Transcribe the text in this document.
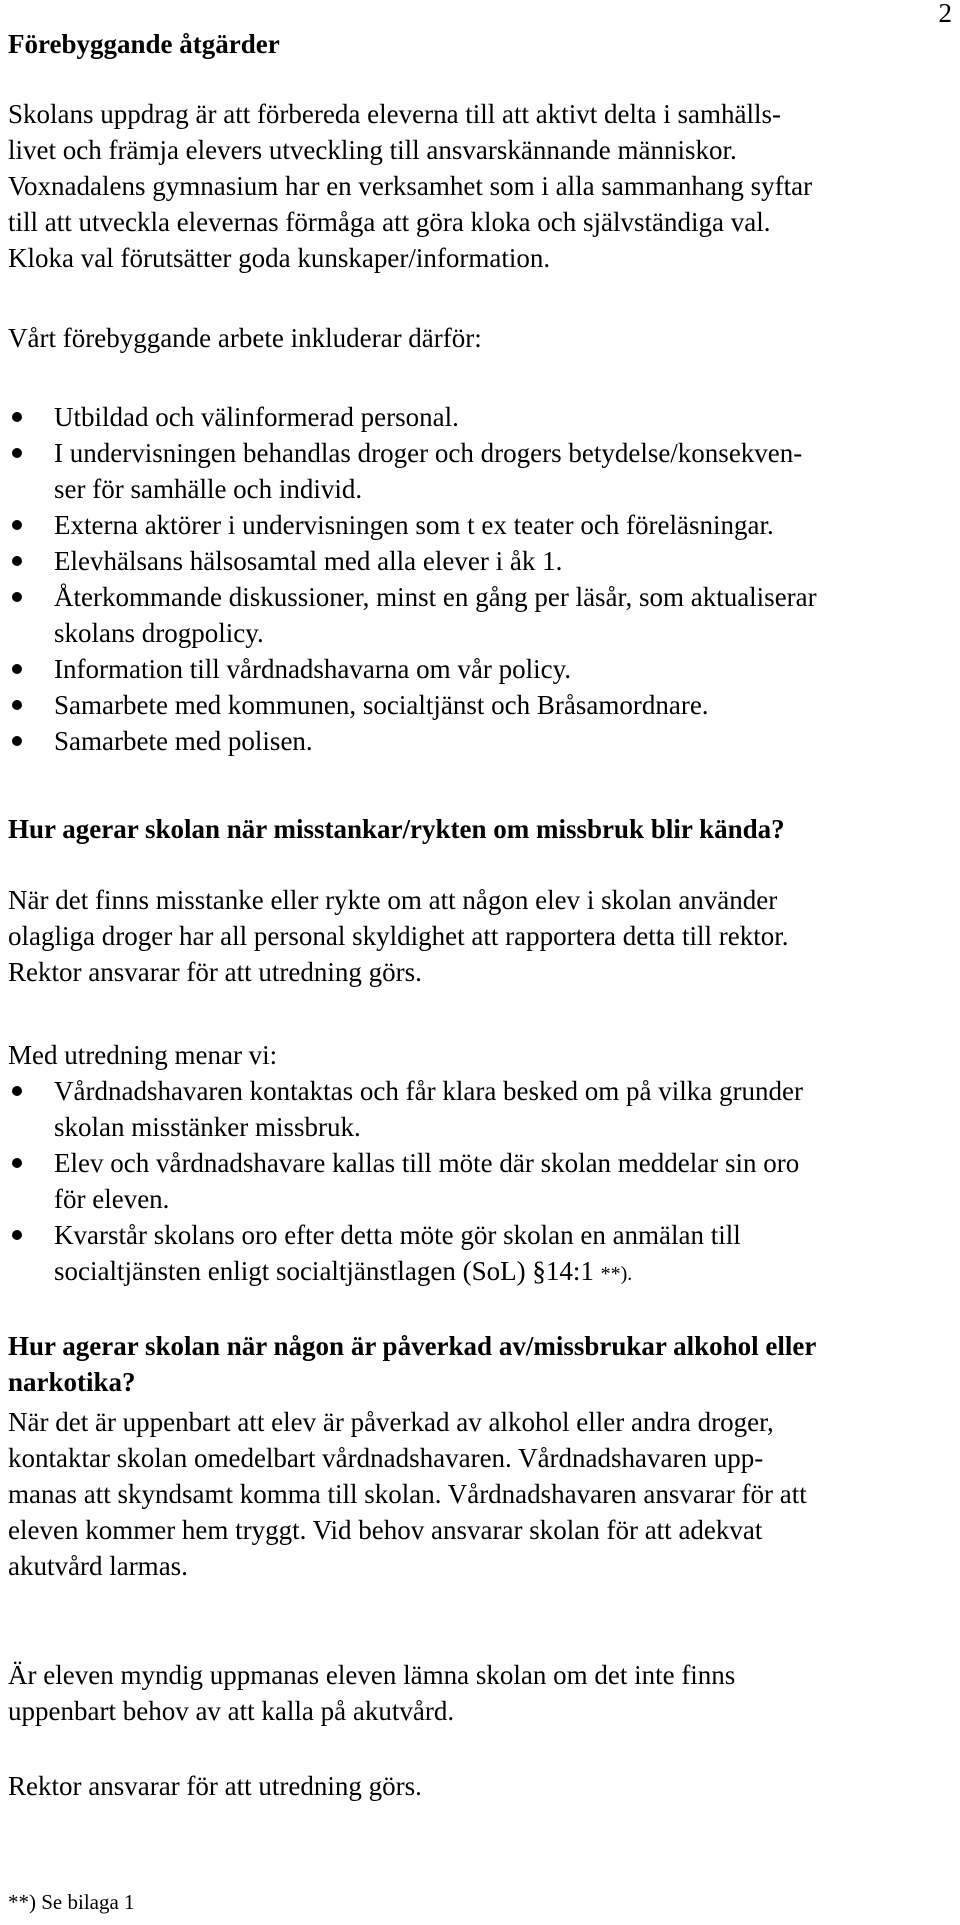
2
Förebyggande åtgärder
Skolans uppdrag är att förbereda eleverna till att aktivt delta i samhälls-
livet och främja elevers utveckling till ansvarskännande människor.
Voxnadalens gymnasium har en verksamhet som i alla sammanhang syftar
till att utveckla elevernas förmåga att göra kloka och självständiga val.
Kloka val förutsätter goda kunskaper/information.
Vårt förebyggande arbete inkluderar därför:
Utbildad och välinformerad personal.
I undervisningen behandlas droger och drogers betydelse/konsekven-
ser för samhälle och individ.
Externa aktörer i undervisningen som t ex teater och föreläsningar.
Elevhälsans hälsosamtal med alla elever i åk 1.
Återkommande diskussioner, minst en gång per läsår, som aktualiserar
skolans drogpolicy.
Information till vårdnadshavarna om vår policy.
Samarbete med kommunen, socialtjänst och Bråsamordnare.
Samarbete med polisen.
Hur agerar skolan när misstankar/rykten om missbruk blir kända?
När det finns misstanke eller rykte om att någon elev i skolan använder
olagliga droger har all personal skyldighet att rapportera detta till rektor.
Rektor ansvarar för att utredning görs.
Med utredning menar vi:
Vårdnadshavaren kontaktas och får klara besked om på vilka grunder
skolan misstänker missbruk.
Elev och vårdnadshavare kallas till möte där skolan meddelar sin oro
för eleven.
Kvarstår skolans oro efter detta möte gör skolan en anmälan till
socialtjänsten enligt socialtjänstlagen (SoL) §14:1 **).
Hur agerar skolan när någon är påverkad av/missbrukar alkohol eller
narkotika?
När det är uppenbart att elev är påverkad av alkohol eller andra droger,
kontaktar skolan omedelbart vårdnadshavaren. Vårdnadshavaren upp-
manas att skyndsamt komma till skolan. Vårdnadshavaren ansvarar för att
eleven kommer hem tryggt. Vid behov ansvarar skolan för att adekvat
akutvård larmas.
Är eleven myndig uppmanas eleven lämna skolan om det inte finns
uppenbart behov av att kalla på akutvård.
Rektor ansvarar för att utredning görs.
**) Se bilaga 1
